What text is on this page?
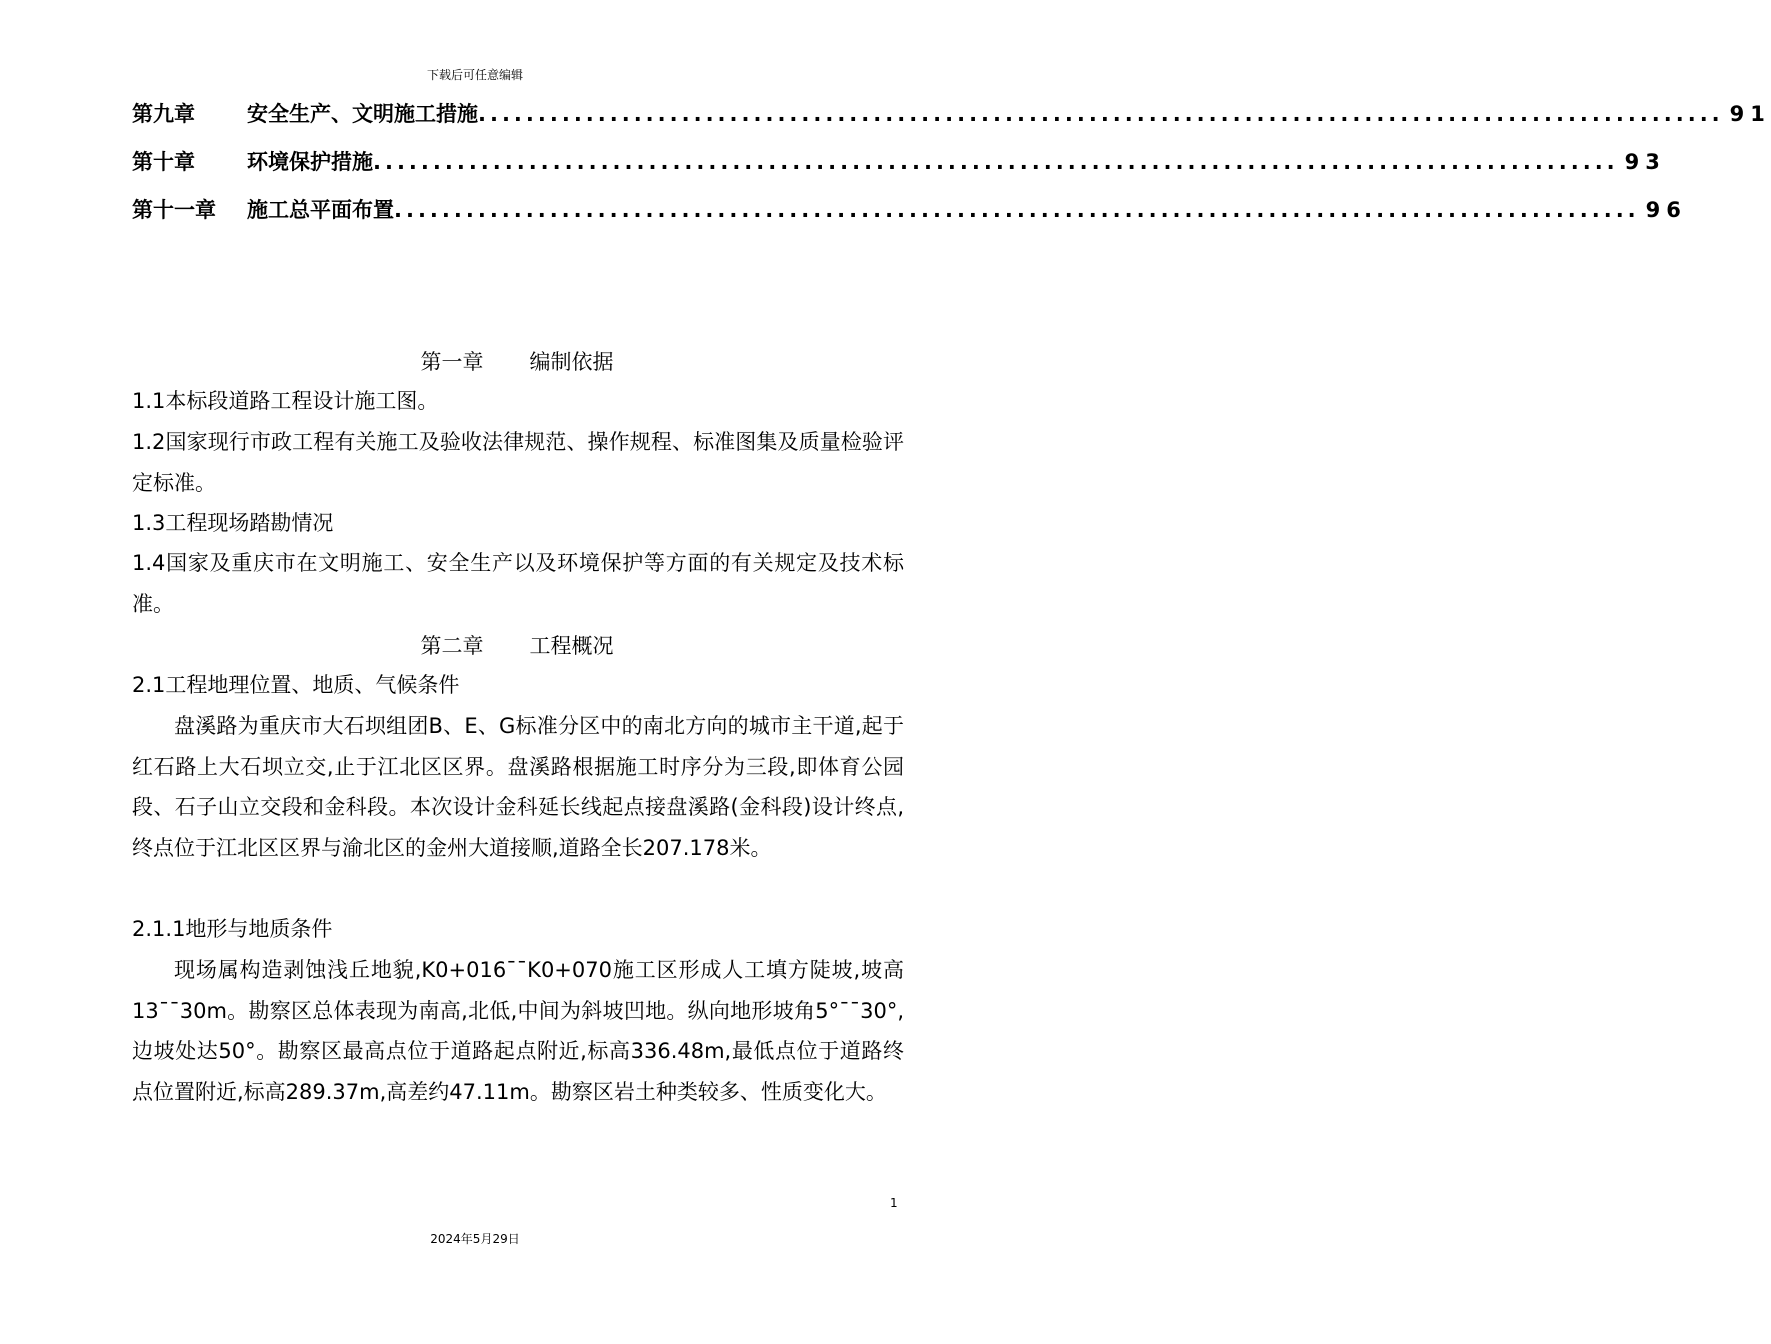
下载后可任意编辑
第九章	安全生产、文明施工措施 ........................................................................................................ 91
第十章	环境保护措施 ........................................................................................................ 93
第十一章	施工总平面布置 ........................................................................................................ 96
第一章 编制依据
1.1本标段道路工程设计施工图。
1.2国家现行市政工程有关施工及验收法律规范、操作规程、标准图集及质量检验评定标准。
1.3工程现场踏勘情况
1.4国家及重庆市在文明施工、安全生产以及环境保护等方面的有关规定及技术标准。
第二章 工程概况
2.1工程地理位置、地质、气候条件
盘溪路为重庆市大石坝组团B、E、G标准分区中的南北方向的城市主干道,起于红石路上大石坝立交,止于江北区区界。盘溪路根据施工时序分为三段,即体育公园段、石子山立交段和金科段。本次设计金科延长线起点接盘溪路(金科段)设计终点,终点位于江北区区界与渝北区的金州大道接顺,道路全长207.178米。
2.1.1地形与地质条件
现场属构造剥蚀浅丘地貌,K0+016¯¯K0+070施工区形成人工填方陡坡,坡高13¯¯30m。勘察区总体表现为南高,北低,中间为斜坡凹地。纵向地形坡角5°¯¯30°,边坡处达50°。勘察区最高点位于道路起点附近,标高336.48m,最低点位于道路终点位置附近,标高289.37m,高差约47.11m。勘察区岩土种类较多、性质变化大。
1
2024年5月29日
